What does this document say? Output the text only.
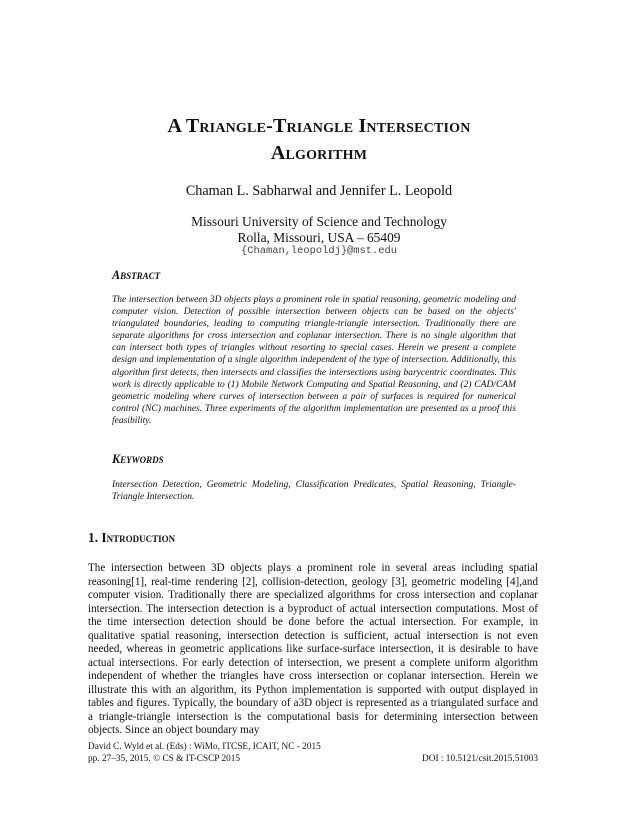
A Triangle-Triangle Intersection
Algorithm
Chaman L. Sabharwal and Jennifer L. Leopold
Missouri University of Science and Technology
Rolla, Missouri, USA – 65409
{Chaman,leopoldj}@mst.edu
Abstract
The intersection between 3D objects plays a prominent role in spatial reasoning, geometric modeling and computer vision. Detection of possible intersection between objects can be based on the objects' triangulated boundaries, leading to computing triangle-triangle intersection. Traditionally there are separate algorithms for cross intersection and coplanar intersection. There is no single algorithm that can intersect both types of triangles without resorting to special cases. Herein we present a complete design and implementation of a single algorithm independent of the type of intersection. Additionally, this algorithm first detects, then intersects and classifies the intersections using barycentric coordinates. This work is directly applicable to (1) Mobile Network Computing and Spatial Reasoning, and (2) CAD/CAM geometric modeling where curves of intersection between a pair of surfaces is required for numerical control (NC) machines. Three experiments of the algorithm implementation are presented as a proof this feasibility.
Keywords
Intersection Detection, Geometric Modeling, Classification Predicates, Spatial Reasoning, Triangle-Triangle Intersection.
1. Introduction
The intersection between 3D objects plays a prominent role in several areas including spatial reasoning[1], real-time rendering [2], collision-detection, geology [3], geometric modeling [4],and computer vision. Traditionally there are specialized algorithms for cross intersection and coplanar intersection. The intersection detection is a byproduct of actual intersection computations. Most of the time intersection detection should be done before the actual intersection. For example, in qualitative spatial reasoning, intersection detection is sufficient, actual intersection is not even needed, whereas in geometric applications like surface-surface intersection, it is desirable to have actual intersections. For early detection of intersection, we present a complete uniform algorithm independent of whether the triangles have cross intersection or coplanar intersection. Herein we illustrate this with an algorithm, its Python implementation is supported with output displayed in tables and figures. Typically, the boundary of a3D object is represented as a triangulated surface and a triangle-triangle intersection is the computational basis for determining intersection between objects. Since an object boundary may
David C. Wyld et al. (Eds) : WiMo, ITCSE, ICAIT, NC - 2015
pp. 27–35, 2015. © CS & IT-CSCP 2015	DOI : 10.5121/csit.2015.51003
